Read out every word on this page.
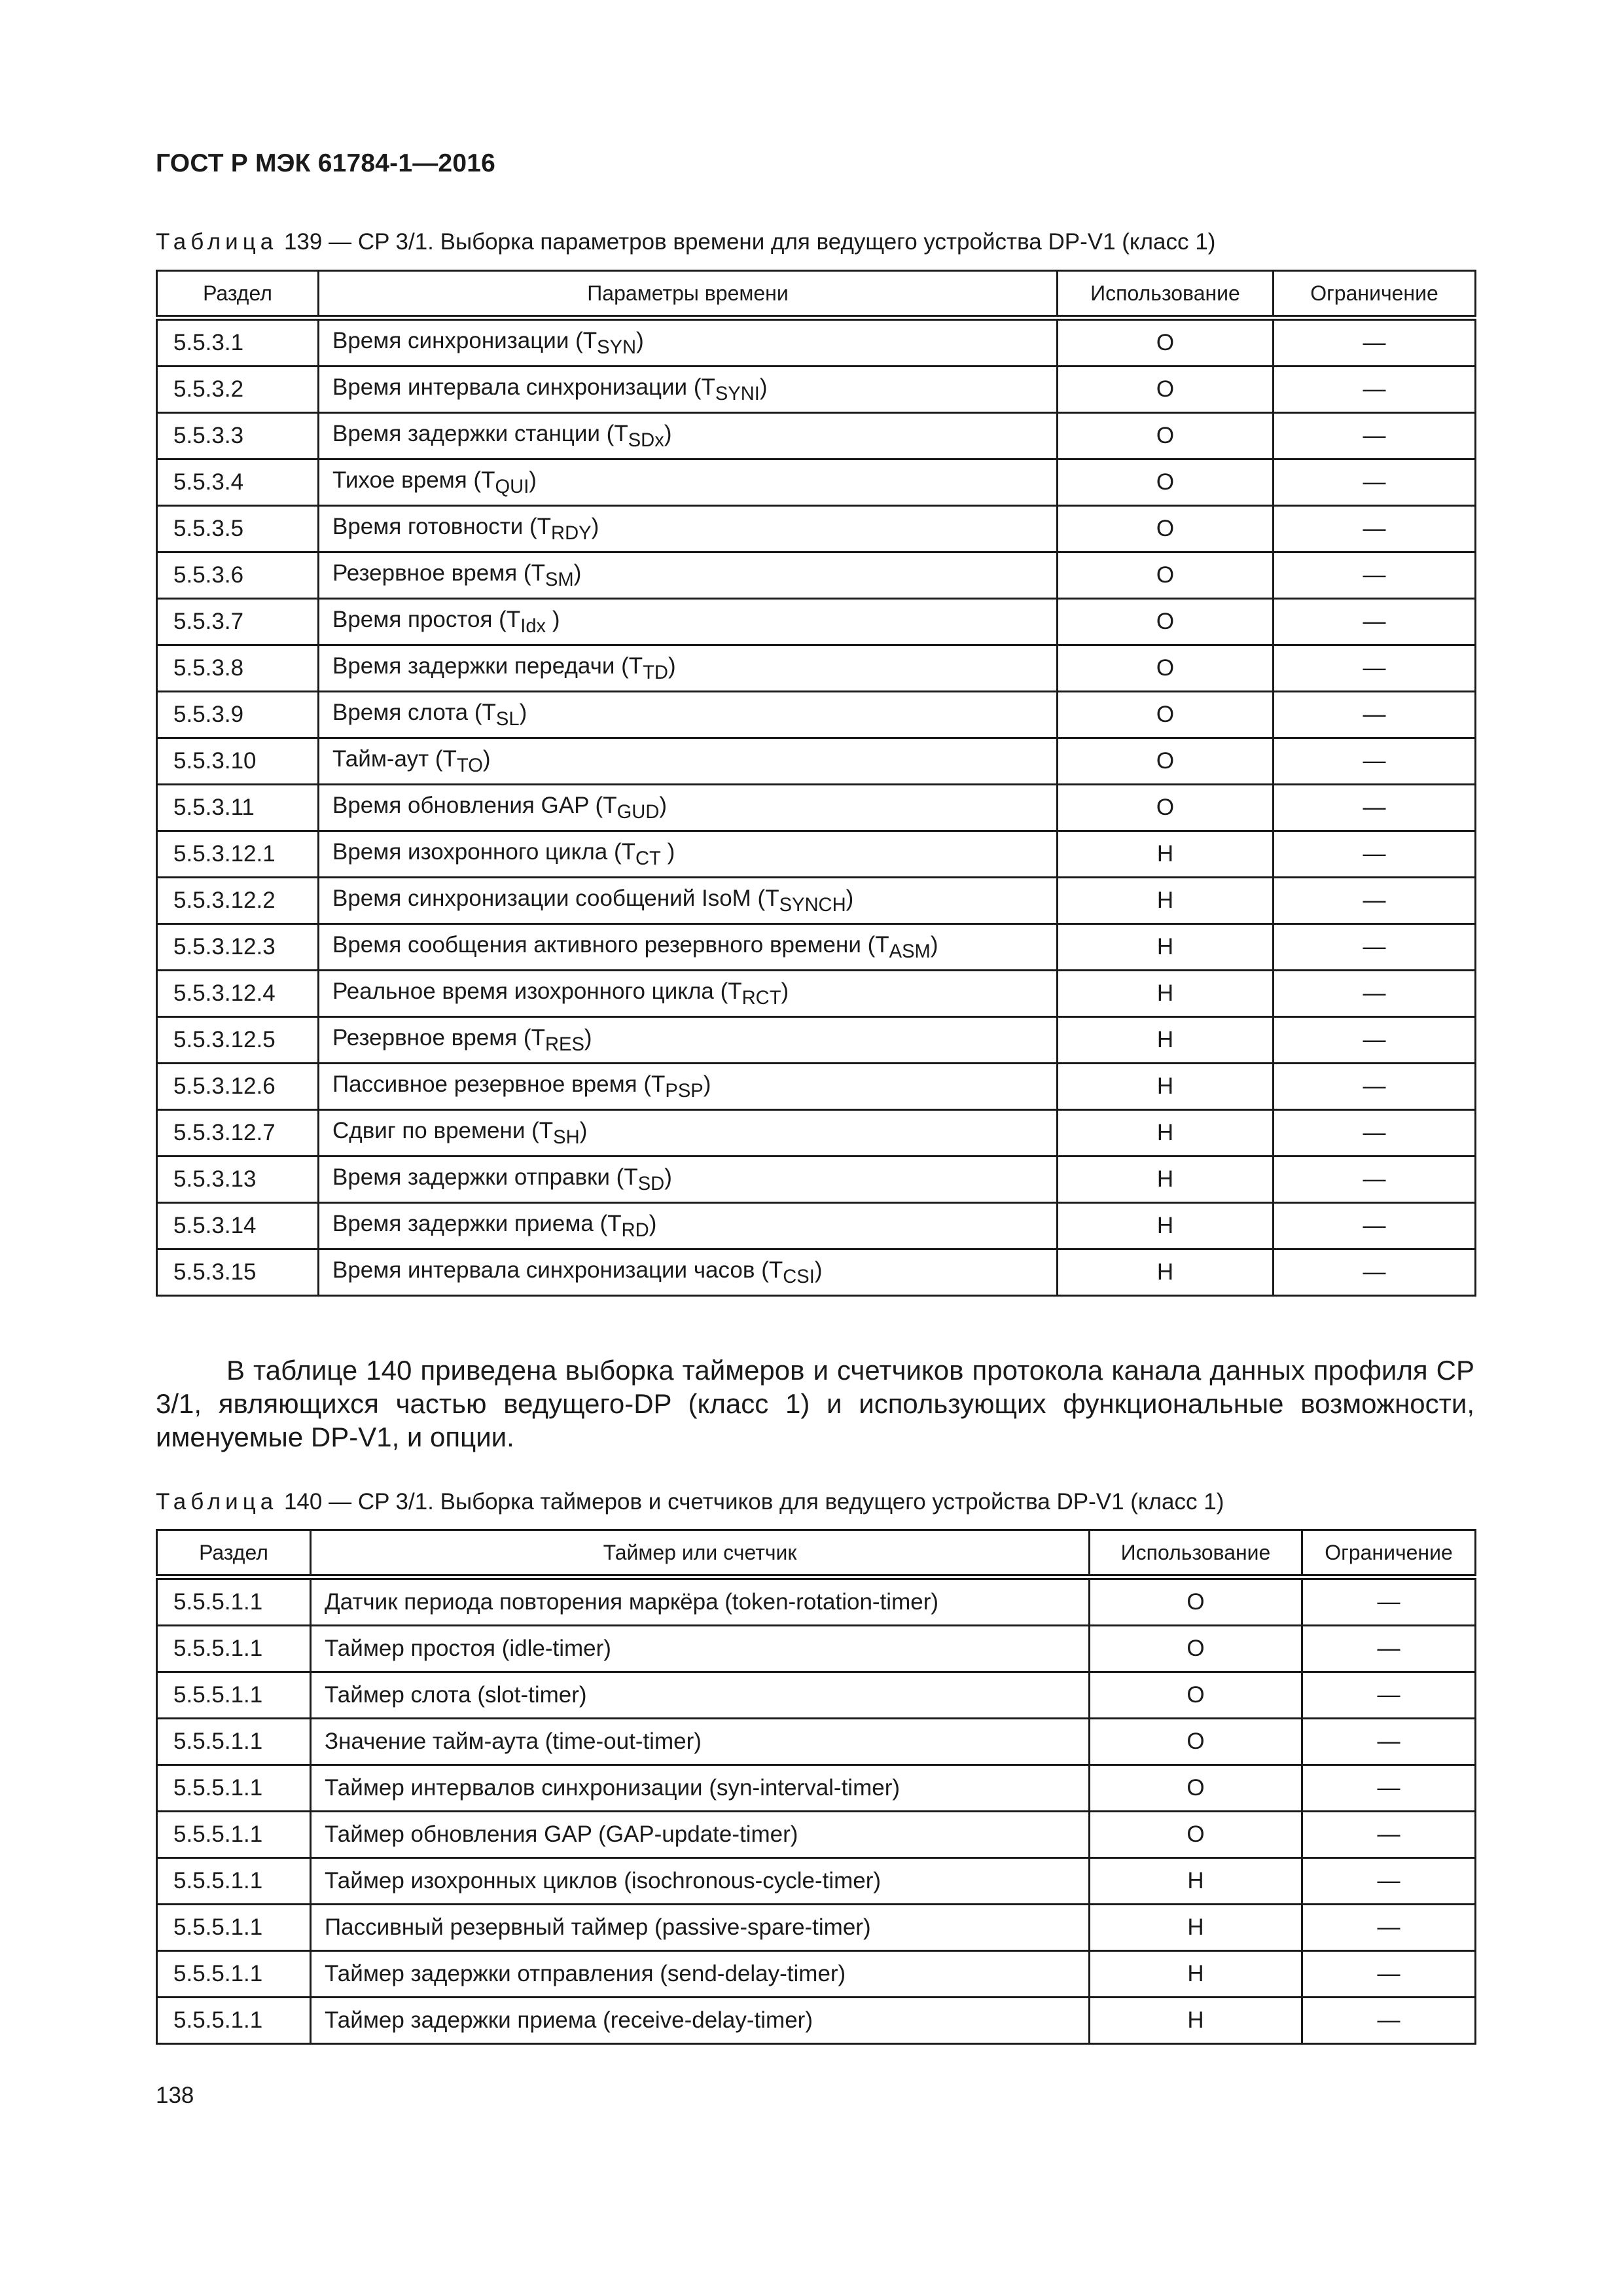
ГОСТ Р МЭК 61784-1—2016
Таблица 139 — CP 3/1. Выборка параметров времени для ведущего устройства DP-V1 (класс 1)
Раздел	Параметры времени	Использование	Ограничение
5.5.3.1	Время синхронизации $(T_{SYN})$	O	—
5.5.3.2	Время интервала синхронизации $(T_{SYNI})$	O	—
5.5.3.3	Время задержки станции $(T_{SDx})$	O	—
5.5.3.4	Тихое время $(T_{QUI})$	O	—
5.5.3.5	Время готовности $(T_{RDY})$	O	—
5.5.3.6	Резервное время $(T_{SM})$	O	—
5.5.3.7	Время простоя ($T_{Idx}$ )	O	—
5.5.3.8	Время задержки передачи $(T_{TD})$	O	—
5.5.3.9	Время слота $(T_{SL})$	O	—
5.5.3.10	Тайм-аут $(T_{TO})$	O	—
5.5.3.11	Время обновления GAP $(T_{GUD})$	O	—
5.5.3.12.1	Время изохронного цикла ($T_{CT}$ )	H	—
5.5.3.12.2	Время синхронизации сообщений IsoM $(T_{SYNCH})$	H	—
5.5.3.12.3	Время сообщения активного резервного времени $(T_{ASM})$	H	—
5.5.3.12.4	Реальное время изохронного цикла $(T_{RCT})$	H	—
5.5.3.12.5	Резервное время $(T_{RES})$	H	—
5.5.3.12.6	Пассивное резервное время $(T_{PSP})$	H	—
5.5.3.12.7	Сдвиг по времени $(T_{SH})$	H	—
5.5.3.13	Время задержки отправки $(T_{SD})$	H	—
5.5.3.14	Время задержки приема $(T_{RD})$	H	—
5.5.3.15	Время интервала синхронизации часов $(T_{CSI})$	H	—
В таблице 140 приведена выборка таймеров и счетчиков протокола канала данных профиля CP 3/1, являющихся частью ведущего-DP (класс 1) и использующих функциональные возможности, именуемые DP-V1, и опции.
Таблица 140 — CP 3/1. Выборка таймеров и счетчиков для ведущего устройства DP-V1 (класс 1)
Раздел	Таймер или счетчик	Использование	Ограничение
5.5.5.1.1	Датчик периода повторения маркёра (token-rotation-timer)	O	—
5.5.5.1.1	Таймер простоя (idle-timer)	O	—
5.5.5.1.1	Таймер слота (slot-timer)	O	—
5.5.5.1.1	Значение тайм-аута (time-out-timer)	O	—
5.5.5.1.1	Таймер интервалов синхронизации (syn-interval-timer)	O	—
5.5.5.1.1	Таймер обновления GAP (GAP-update-timer)	O	—
5.5.5.1.1	Таймер изохронных циклов (isochronous-cycle-timer)	H	—
5.5.5.1.1	Пассивный резервный таймер (passive-spare-timer)	H	—
5.5.5.1.1	Таймер задержки отправления (send-delay-timer)	H	—
5.5.5.1.1	Таймер задержки приема (receive-delay-timer)	H	—
138
